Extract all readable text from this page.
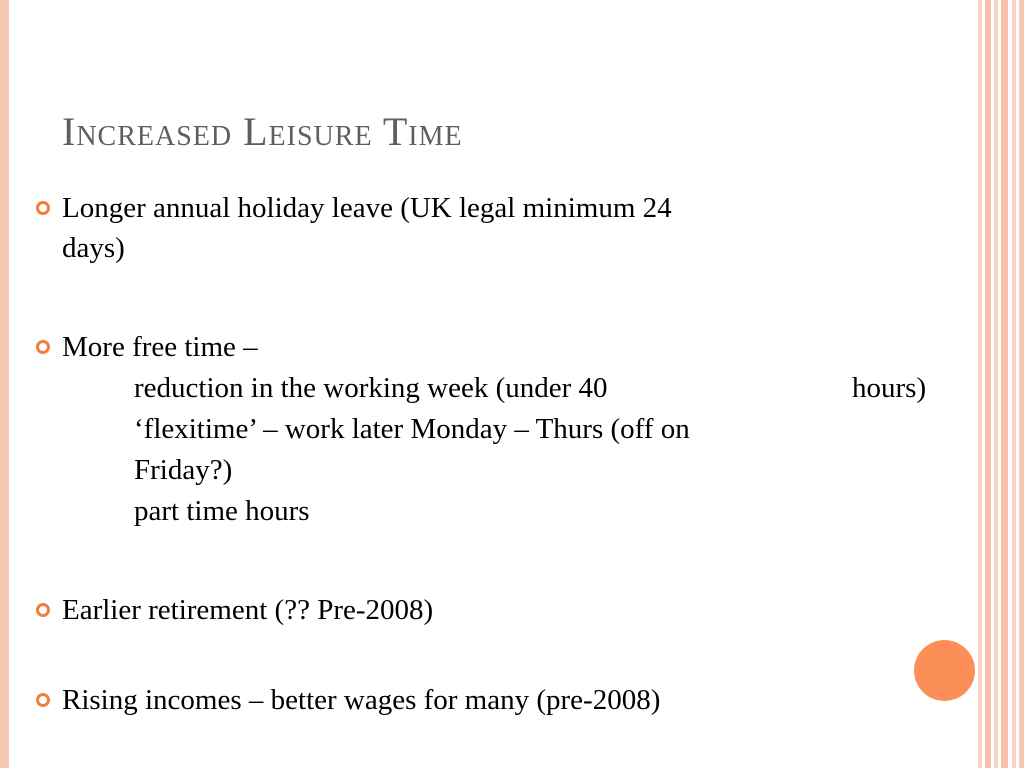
Increased Leisure Time
Longer annual holiday leave (UK legal minimum 24
days)
More free time –
reduction in the working week (under 40	hours)
‘flexitime’ – work later Monday – Thurs (off on
Friday?)
part time hours
Earlier retirement (?? Pre-2008)
Rising incomes – better wages for many (pre-2008)
